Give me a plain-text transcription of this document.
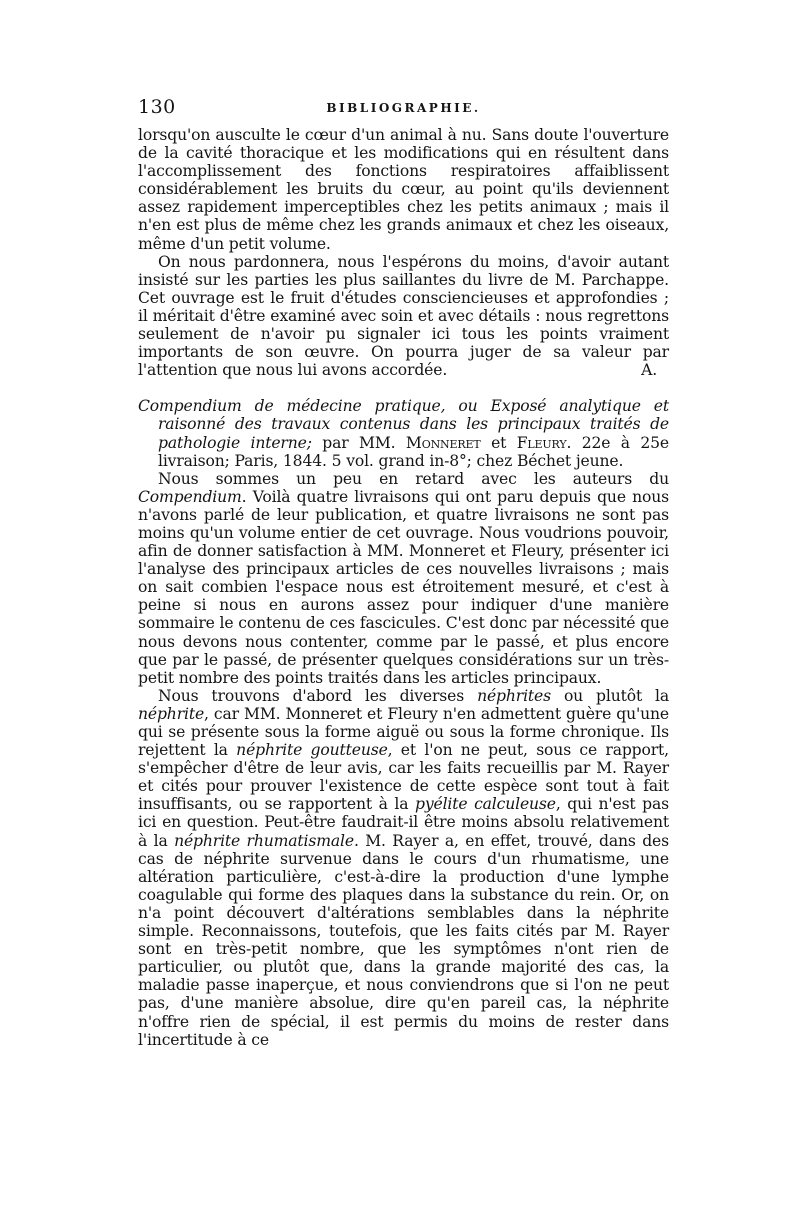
130	BIBLIOGRAPHIE.

lorsqu'on ausculte le cœur d'un animal à nu. Sans doute l'ouverture de la cavité thoracique et les modifications qui en résultent dans l'accomplissement des fonctions respiratoires affaiblissent considérablement les bruits du cœur, au point qu'ils deviennent assez rapidement imperceptibles chez les petits animaux ; mais il n'en est plus de même chez les grands animaux et chez les oiseaux, même d'un petit volume.

On nous pardonnera, nous l'espérons du moins, d'avoir autant insisté sur les parties les plus saillantes du livre de M. Parchappe. Cet ouvrage est le fruit d'études consciencieuses et approfondies ; il méritait d'être examiné avec soin et avec détails : nous regrettons seulement de n'avoir pu signaler ici tous les points vraiment importants de son œuvre. On pourra juger de sa valeur par l'attention que nous lui avons accordée.	A.

Compendium de médecine pratique, ou Exposé analytique et raisonné des travaux contenus dans les principaux traités de pathologie interne; par MM. Monneret et Fleury. 22e à 25e livraison; Paris, 1844. 5 vol. grand in-8°; chez Béchet jeune.

Nous sommes un peu en retard avec les auteurs du Compendium. Voilà quatre livraisons qui ont paru depuis que nous n'avons parlé de leur publication, et quatre livraisons ne sont pas moins qu'un volume entier de cet ouvrage. Nous voudrions pouvoir, afin de donner satisfaction à MM. Monneret et Fleury, présenter ici l'analyse des principaux articles de ces nouvelles livraisons ; mais on sait combien l'espace nous est étroitement mesuré, et c'est à peine si nous en aurons assez pour indiquer d'une manière sommaire le contenu de ces fascicules. C'est donc par nécessité que nous devons nous contenter, comme par le passé, et plus encore que par le passé, de présenter quelques considérations sur un très-petit nombre des points traités dans les articles principaux.

Nous trouvons d'abord les diverses néphrites ou plutôt la néphrite, car MM. Monneret et Fleury n'en admettent guère qu'une qui se présente sous la forme aiguë ou sous la forme chronique. Ils rejettent la néphrite goutteuse, et l'on ne peut, sous ce rapport, s'empêcher d'être de leur avis, car les faits recueillis par M. Rayer et cités pour prouver l'existence de cette espèce sont tout à fait insuffisants, ou se rapportent à la pyélite calculeuse, qui n'est pas ici en question. Peut-être faudrait-il être moins absolu relativement à la néphrite rhumatismale. M. Rayer a, en effet, trouvé, dans des cas de néphrite survenue dans le cours d'un rhumatisme, une altération particulière, c'est-à-dire la production d'une lymphe coagulable qui forme des plaques dans la substance du rein. Or, on n'a point découvert d'altérations semblables dans la néphrite simple. Reconnaissons, toutefois, que les faits cités par M. Rayer sont en très-petit nombre, que les symptômes n'ont rien de particulier, ou plutôt que, dans la grande majorité des cas, la maladie passe inaperçue, et nous conviendrons que si l'on ne peut pas, d'une manière absolue, dire qu'en pareil cas, la néphrite n'offre rien de spécial, il est permis du moins de rester dans l'incertitude à ce
